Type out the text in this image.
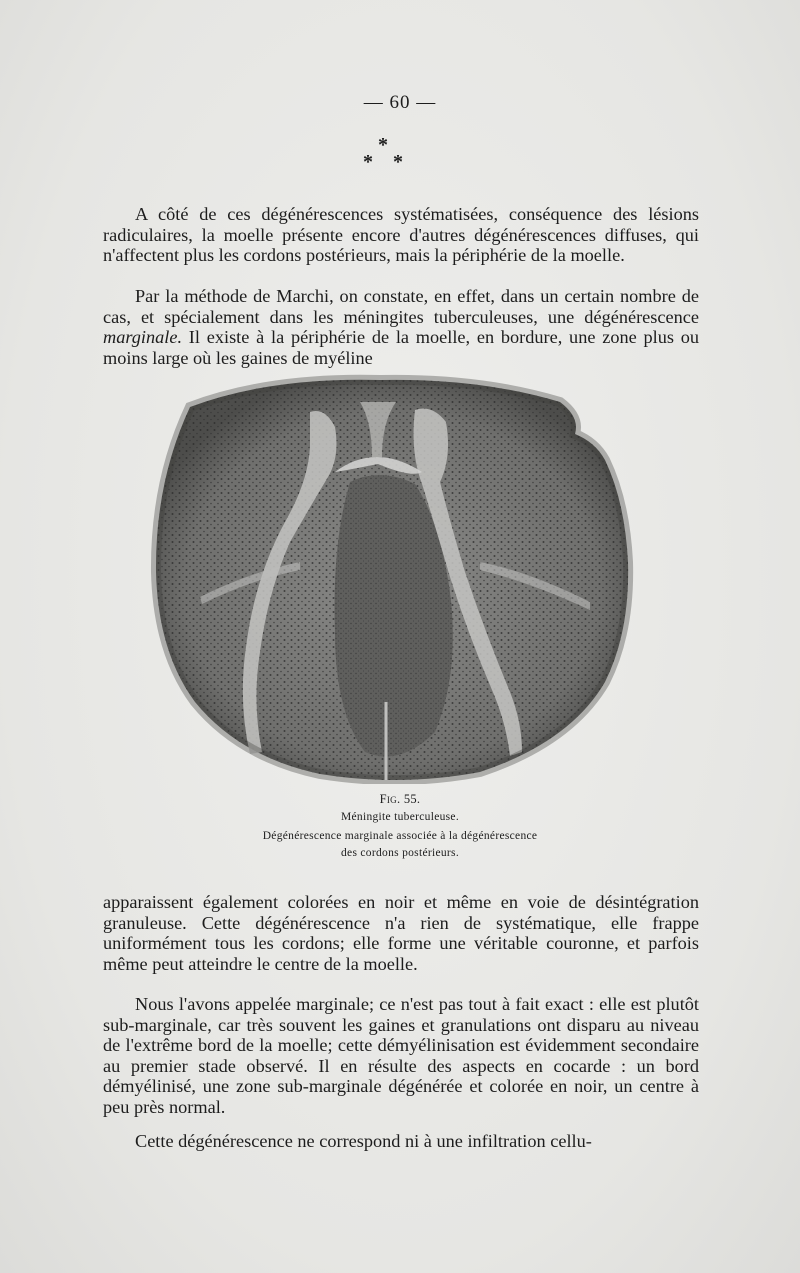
— 60 —
*
* *

A côté de ces dégénérescences systématisées, conséquence des lésions radiculaires, la moelle présente encore d'autres dégénérescences diffuses, qui n'affectent plus les cordons postérieurs, mais la périphérie de la moelle.

Par la méthode de Marchi, on constate, en effet, dans un certain nombre de cas, et spécialement dans les méningites tuberculeuses, une dégénérescence marginale. Il existe à la périphérie de la moelle, en bordure, une zone plus ou moins large où les gaines de myéline

Fig. 55.
Méningite tuberculeuse.
Dégénérescence marginale associée à la dégénérescence
des cordons postérieurs.

apparaissent également colorées en noir et même en voie de désintégration granuleuse. Cette dégénérescence n'a rien de systématique, elle frappe uniformément tous les cordons; elle forme une véritable couronne, et parfois même peut atteindre le centre de la moelle.

Nous l'avons appelée marginale; ce n'est pas tout à fait exact : elle est plutôt sub-marginale, car très souvent les gaines et granulations ont disparu au niveau de l'extrême bord de la moelle; cette démyélinisation est évidemment secondaire au premier stade observé. Il en résulte des aspects en cocarde : un bord démyélinisé, une zone sub-marginale dégénérée et colorée en noir, un centre à peu près normal.

Cette dégénérescence ne correspond ni à une infiltration cellu-
